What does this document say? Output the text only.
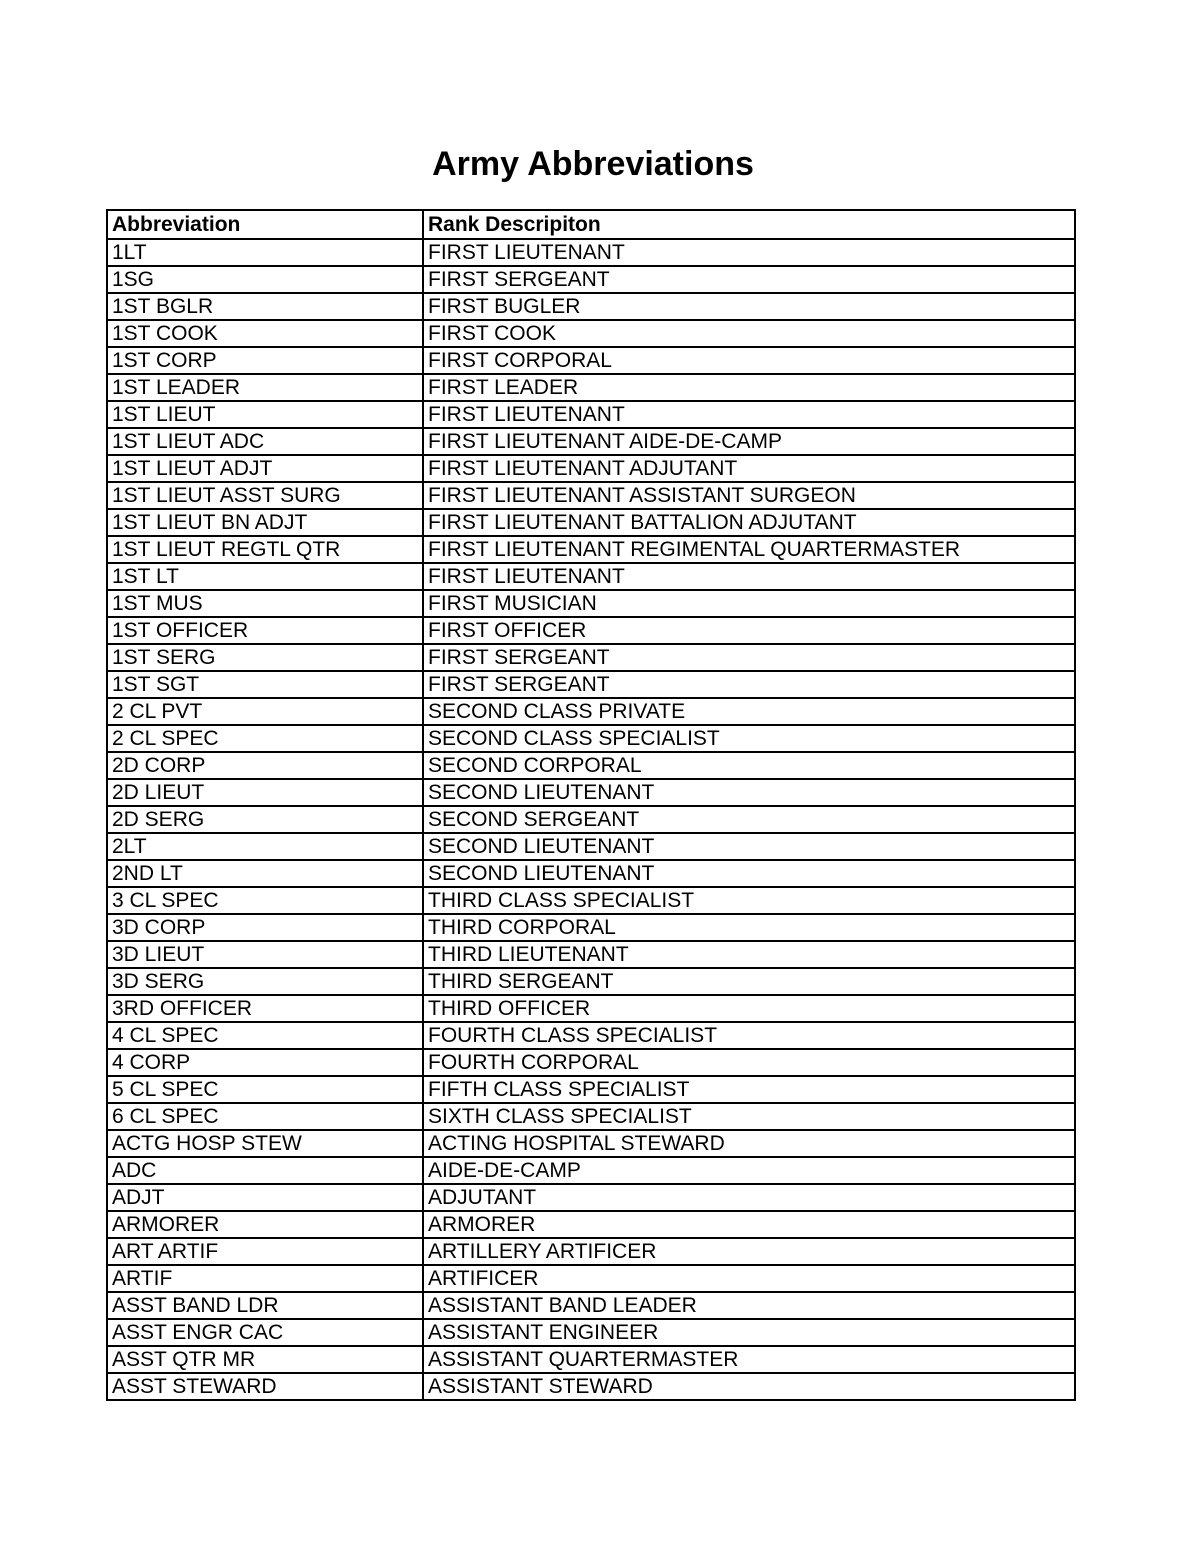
Army Abbreviations
Abbreviation	Rank Descripiton
1LT	FIRST LIEUTENANT
1SG	FIRST SERGEANT
1ST BGLR	FIRST BUGLER
1ST COOK	FIRST COOK
1ST CORP	FIRST CORPORAL
1ST LEADER	FIRST LEADER
1ST LIEUT	FIRST LIEUTENANT
1ST LIEUT ADC	FIRST LIEUTENANT AIDE-DE-CAMP
1ST LIEUT ADJT	FIRST LIEUTENANT ADJUTANT
1ST LIEUT ASST SURG	FIRST LIEUTENANT ASSISTANT SURGEON
1ST LIEUT BN ADJT	FIRST LIEUTENANT BATTALION ADJUTANT
1ST LIEUT REGTL QTR	FIRST LIEUTENANT REGIMENTAL QUARTERMASTER
1ST LT	FIRST LIEUTENANT
1ST MUS	FIRST MUSICIAN
1ST OFFICER	FIRST OFFICER
1ST SERG	FIRST SERGEANT
1ST SGT	FIRST SERGEANT
2 CL PVT	SECOND CLASS PRIVATE
2 CL SPEC	SECOND CLASS SPECIALIST
2D CORP	SECOND CORPORAL
2D LIEUT	SECOND LIEUTENANT
2D SERG	SECOND SERGEANT
2LT	SECOND LIEUTENANT
2ND LT	SECOND LIEUTENANT
3 CL SPEC	THIRD CLASS SPECIALIST
3D CORP	THIRD CORPORAL
3D LIEUT	THIRD LIEUTENANT
3D SERG	THIRD SERGEANT
3RD OFFICER	THIRD OFFICER
4 CL SPEC	FOURTH CLASS SPECIALIST
4 CORP	FOURTH CORPORAL
5 CL SPEC	FIFTH CLASS SPECIALIST
6 CL SPEC	SIXTH CLASS SPECIALIST
ACTG HOSP STEW	ACTING HOSPITAL STEWARD
ADC	AIDE-DE-CAMP
ADJT	ADJUTANT
ARMORER	ARMORER
ART ARTIF	ARTILLERY ARTIFICER
ARTIF	ARTIFICER
ASST BAND LDR	ASSISTANT BAND LEADER
ASST ENGR CAC	ASSISTANT ENGINEER
ASST QTR MR	ASSISTANT QUARTERMASTER
ASST STEWARD	ASSISTANT STEWARD
